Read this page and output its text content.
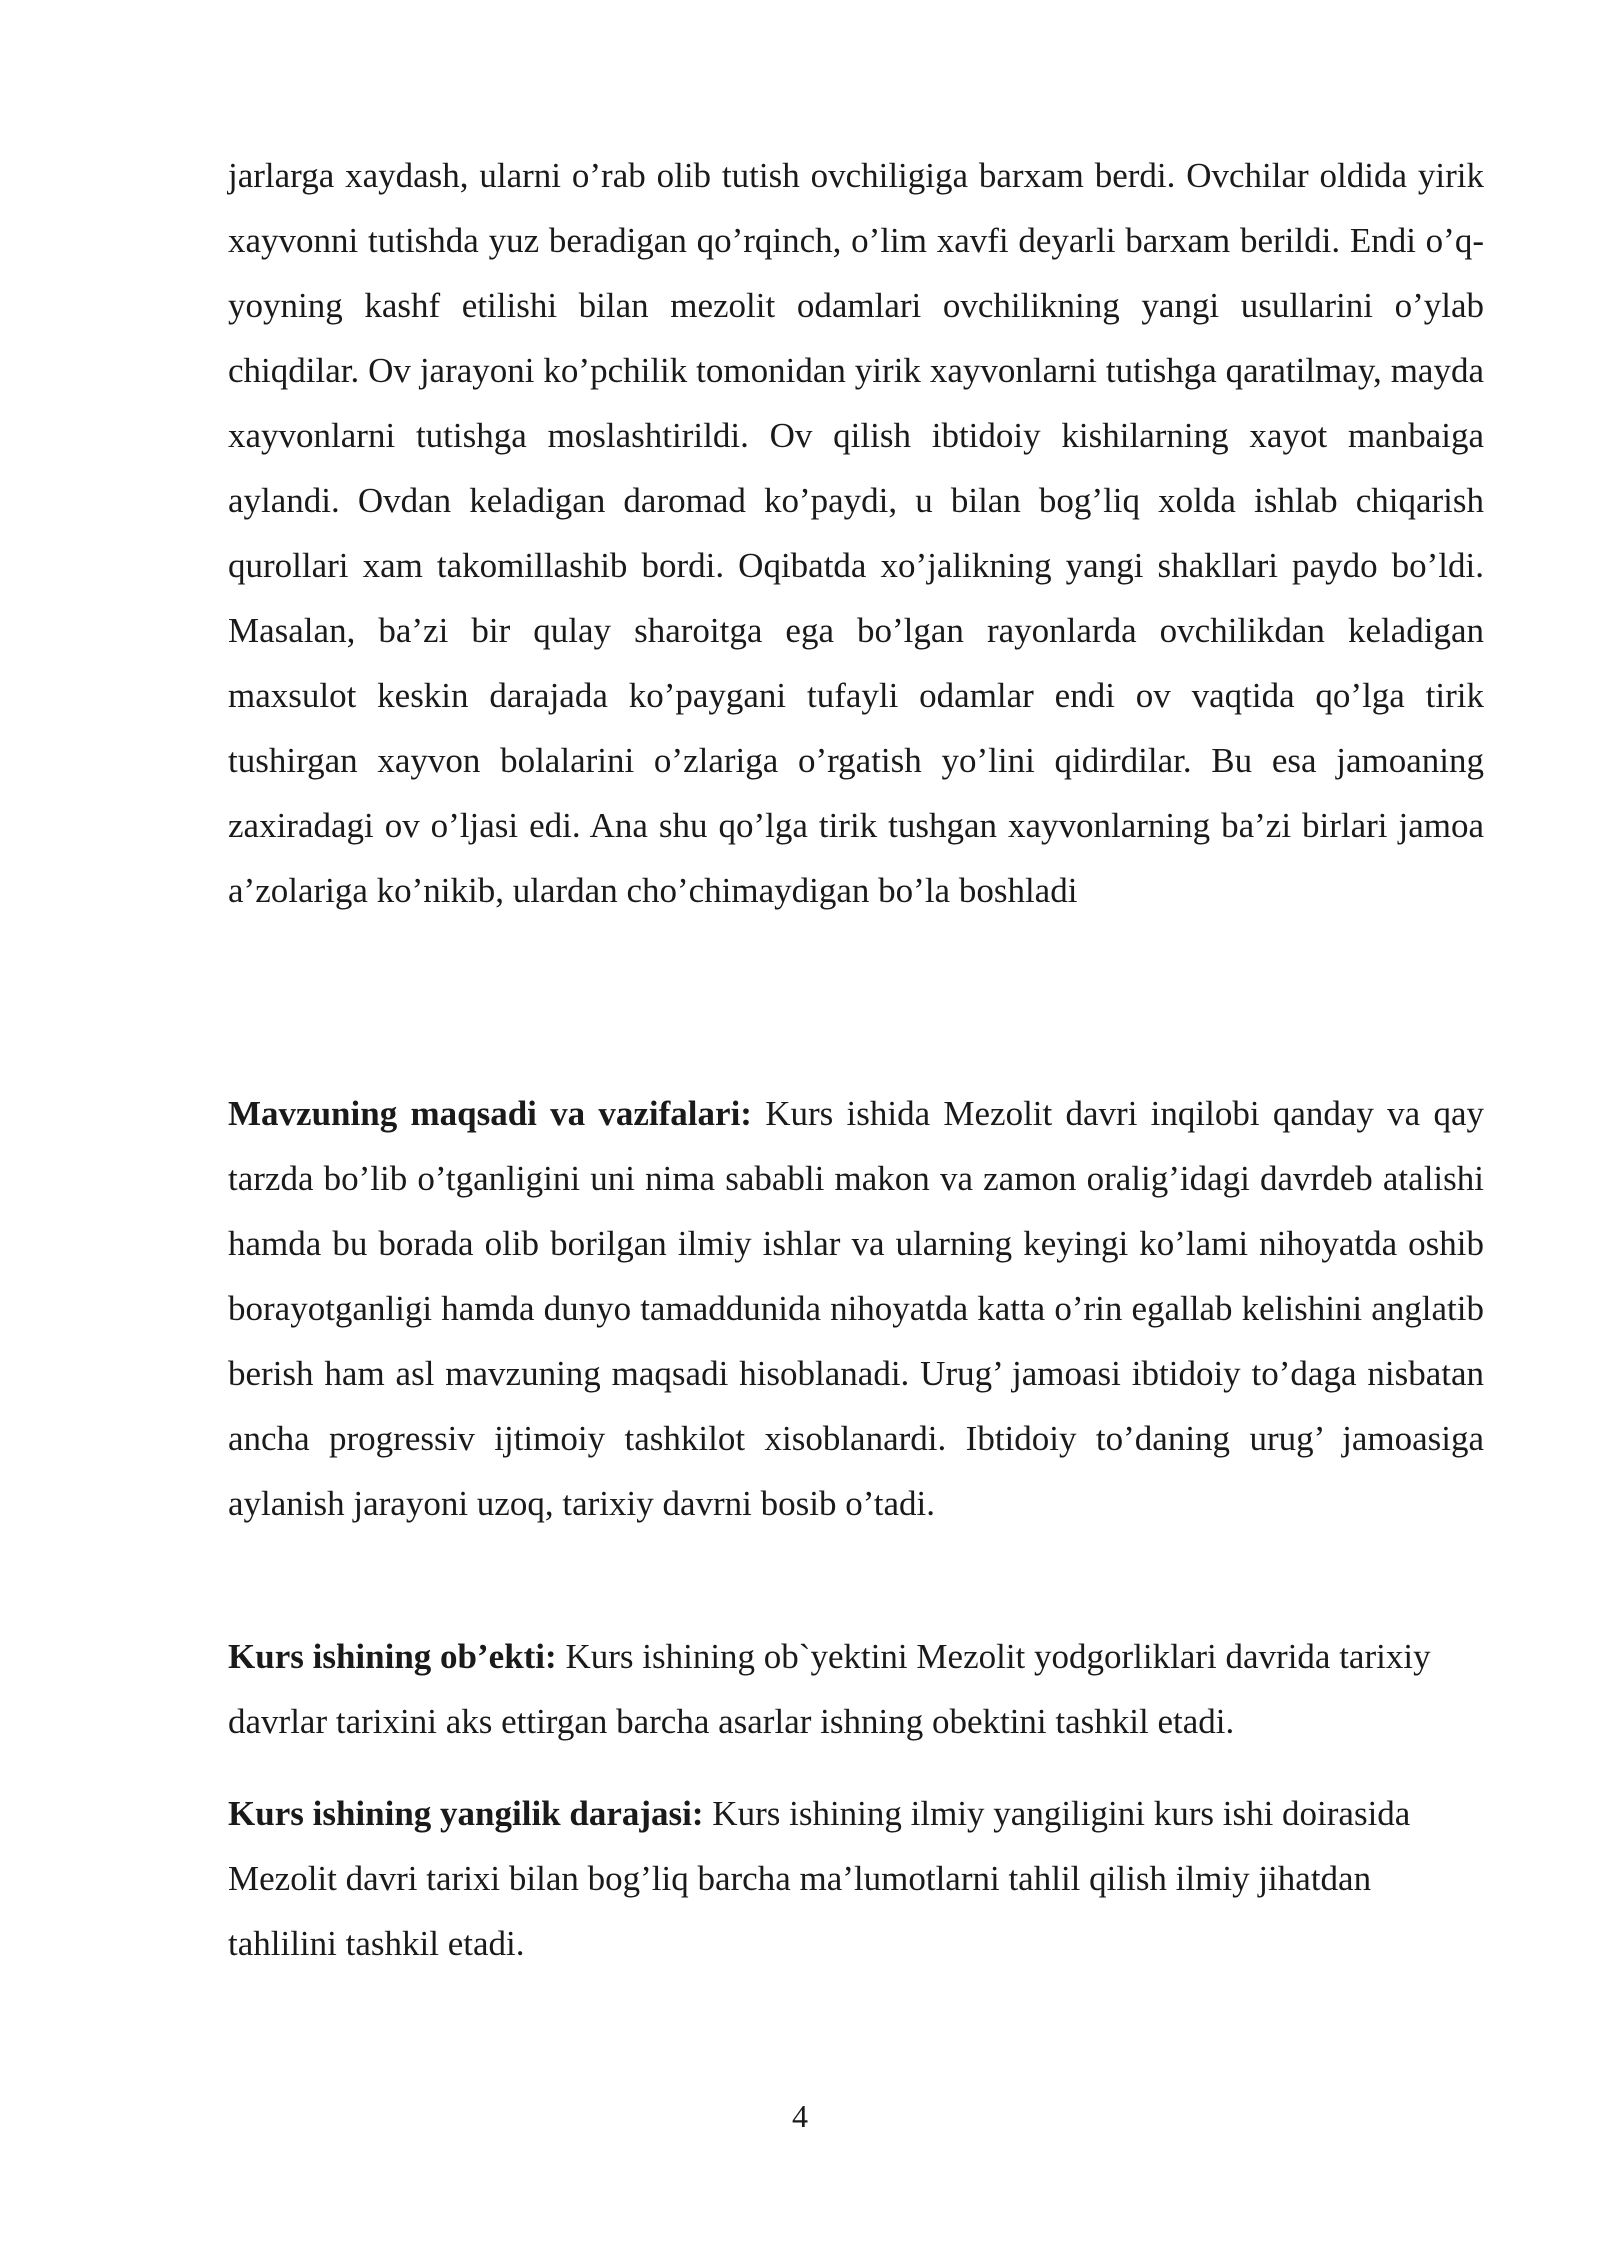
jarlarga xaydash, ularni o’rab olib tutish ovchiligiga barxam berdi. Ovchilar oldida yirik xayvonni tutishda yuz beradigan qo’rqinch, o’lim xavfi deyarli barxam berildi. Endi o’q-yoyning kashf etilishi bilan mezolit odamlari ovchilikning yangi usullarini o’ylab chiqdilar. Ov jarayoni ko’pchilik tomonidan yirik xayvonlarni tutishga qaratilmay, mayda xayvonlarni tutishga moslashtirildi. Ov qilish ibtidoiy kishilarning xayot manbaiga aylandi. Ovdan keladigan daromad ko’paydi, u bilan bog’liq xolda ishlab chiqarish qurollari xam takomillashib bordi. Oqibatda xo’jalikning yangi shakllari paydo bo’ldi. Masalan, ba’zi bir qulay sharoitga ega bo’lgan rayonlarda ovchilikdan keladigan maxsulot keskin darajada ko’paygani tufayli odamlar endi ov vaqtida qo’lga tirik tushirgan xayvon bolalarini o’zlariga o’rgatish yo’lini qidirdilar. Bu esa jamoaning zaxiradagi ov o’ljasi edi. Ana shu qo’lga tirik tushgan xayvonlarning ba’zi birlari jamoa a’zolariga ko’nikib, ulardan cho’chimaydigan bo’la boshladi

Mavzuning maqsadi va vazifalari: Kurs ishida Mezolit davri inqilobi qanday va qay tarzda bo’lib o’tganligini uni nima sababli makon va zamon oralig’idagi davrdeb atalishi hamda bu borada olib borilgan ilmiy ishlar va ularning keyingi ko’lami nihoyatda oshib borayotganligi hamda dunyo tamaddunida nihoyatda katta o’rin egallab kelishini anglatib berish ham asl mavzuning maqsadi hisoblanadi. Urug’ jamoasi ibtidoiy to’daga nisbatan ancha progressiv ijtimoiy tashkilot xisoblanardi. Ibtidoiy to’daning urug’ jamoasiga aylanish jarayoni uzoq, tarixiy davrni bosib o’tadi.

Kurs ishining ob’ekti: Kurs ishining ob`yektini Mezolit yodgorliklari davrida tarixiy davrlar tarixini aks ettirgan barcha asarlar ishning obektini tashkil etadi.

Kurs ishining yangilik darajasi: Kurs ishining ilmiy yangiligini kurs ishi doirasida Mezolit davri tarixi bilan bog’liq barcha ma’lumotlarni tahlil qilish ilmiy jihatdan tahlilini tashkil etadi.

4
